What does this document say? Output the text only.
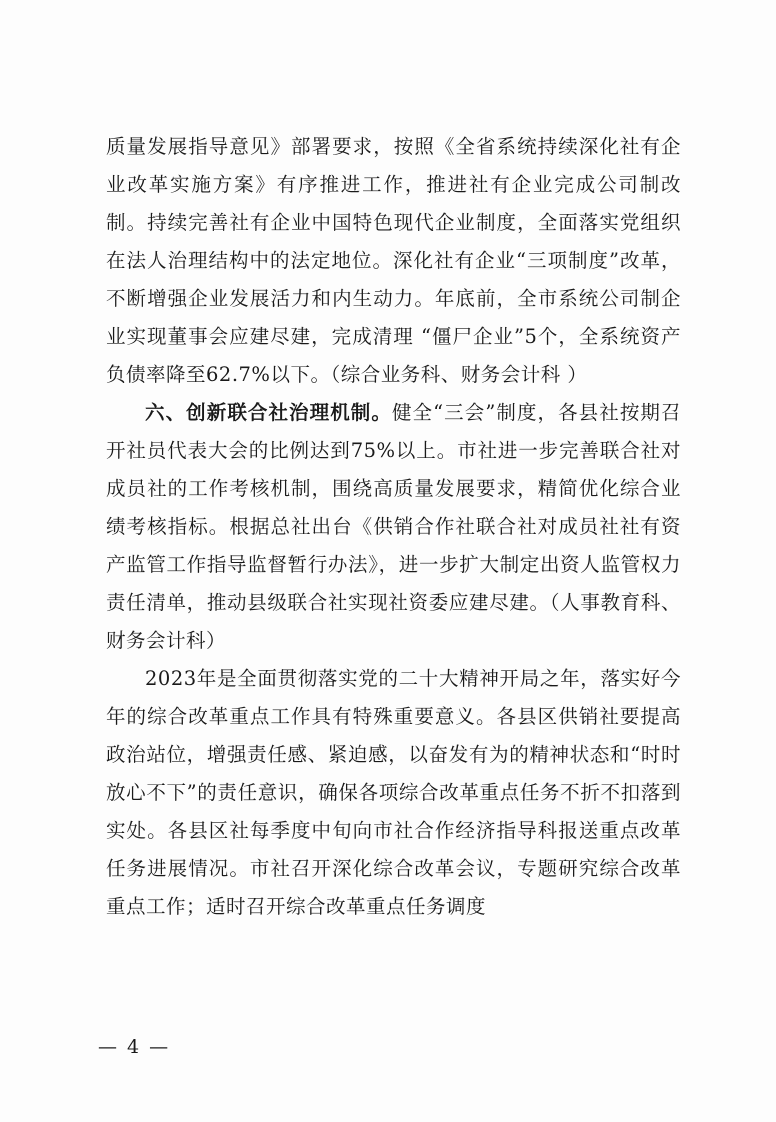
质量发展指导意见》部署要求，按照《全省系统持续深化社有企业改革实施方案》有序推进工作，推进社有企业完成公司制改制。持续完善社有企业中国特色现代企业制度，全面落实党组织在法人治理结构中的法定地位。深化社有企业“三项制度”改革，不断增强企业发展活力和内生动力。年底前，全市系统公司制企业实现董事会应建尽建，完成清理 “僵尸企业”5个，全系统资产负债率降至62.7%以下。（综合业务科、财务会计科 ）

六、创新联合社治理机制。健全“三会”制度，各县社按期召开社员代表大会的比例达到75%以上。市社进一步完善联合社对成员社的工作考核机制，围绕高质量发展要求，精简优化综合业绩考核指标。根据总社出台《供销合作社联合社对成员社社有资产监管工作指导监督暂行办法》，进一步扩大制定出资人监管权力责任清单，推动县级联合社实现社资委应建尽建。（人事教育科、财务会计科）

2023年是全面贯彻落实党的二十大精神开局之年，落实好今年的综合改革重点工作具有特殊重要意义。各县区供销社要提高政治站位，增强责任感、紧迫感，以奋发有为的精神状态和“时时放心不下”的责任意识，确保各项综合改革重点任务不折不扣落到实处。各县区社每季度中旬向市社合作经济指导科报送重点改革任务进展情况。市社召开深化综合改革会议，专题研究综合改革重点工作；适时召开综合改革重点任务调度

— 4 —
